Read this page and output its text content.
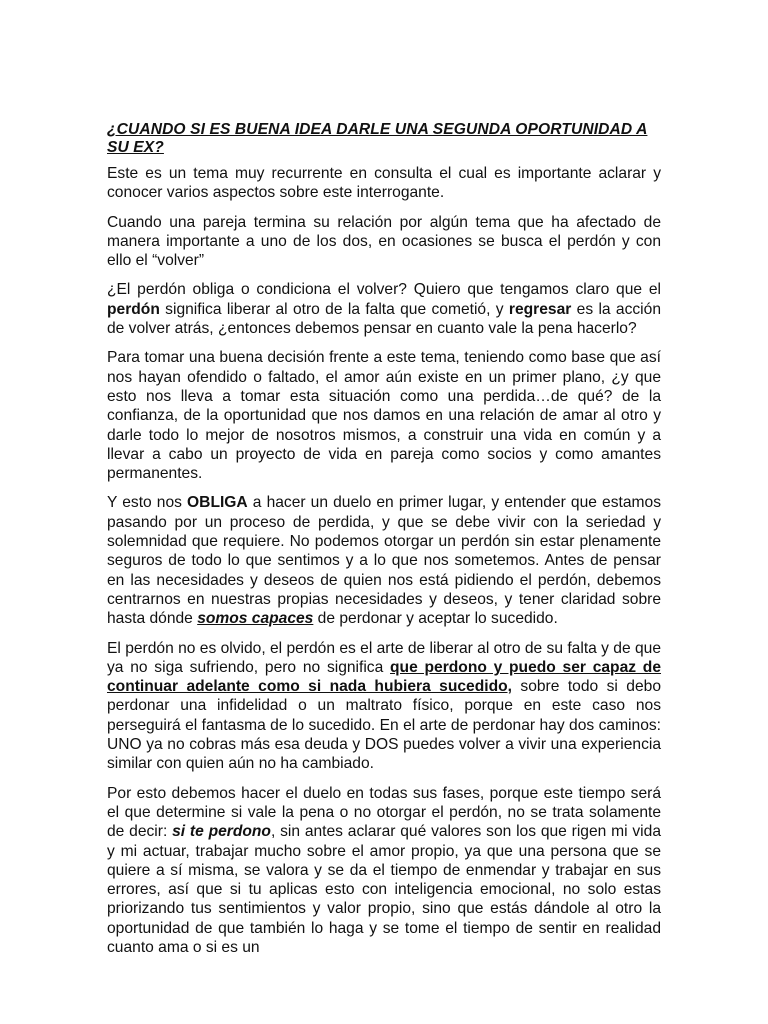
¿CUANDO SI ES BUENA IDEA DARLE UNA SEGUNDA OPORTUNIDAD A SU EX?

Este es un tema muy recurrente en consulta el cual es importante aclarar y conocer varios aspectos sobre este interrogante.

Cuando una pareja termina su relación por algún tema que ha afectado de manera importante a uno de los dos, en ocasiones se busca el perdón y con ello el “volver”

¿El perdón obliga o condiciona el volver? Quiero que tengamos claro que el perdón significa liberar al otro de la falta que cometió, y regresar es la acción de volver atrás, ¿entonces debemos pensar en cuanto vale la pena hacerlo?

Para tomar una buena decisión frente a este tema, teniendo como base que así nos hayan ofendido o faltado, el amor aún existe en un primer plano, ¿y que esto nos lleva a tomar esta situación como una perdida…de qué? de la confianza, de la oportunidad que nos damos en una relación de amar al otro y darle todo lo mejor de nosotros mismos, a construir una vida en común y a llevar a cabo un proyecto de vida en pareja como socios y como amantes permanentes.

Y esto nos OBLIGA a hacer un duelo en primer lugar, y entender que estamos pasando por un proceso de perdida, y que se debe vivir con la seriedad y solemnidad que requiere. No podemos otorgar un perdón sin estar plenamente seguros de todo lo que sentimos y a lo que nos sometemos. Antes de pensar en las necesidades y deseos de quien nos está pidiendo el perdón, debemos centrarnos en nuestras propias necesidades y deseos, y tener claridad sobre hasta dónde somos capaces de perdonar y aceptar lo sucedido.

El perdón no es olvido, el perdón es el arte de liberar al otro de su falta y de que ya no siga sufriendo, pero no significa que perdono y puedo ser capaz de continuar adelante como si nada hubiera sucedido, sobre todo si debo perdonar una infidelidad o un maltrato físico, porque en este caso nos perseguirá el fantasma de lo sucedido. En el arte de perdonar hay dos caminos: UNO ya no cobras más esa deuda y DOS puedes volver a vivir una experiencia similar con quien aún no ha cambiado.

Por esto debemos hacer el duelo en todas sus fases, porque este tiempo será el que determine si vale la pena o no otorgar el perdón, no se trata solamente de decir: si te perdono, sin antes aclarar qué valores son los que rigen mi vida y mi actuar, trabajar mucho sobre el amor propio, ya que una persona que se quiere a sí misma, se valora y se da el tiempo de enmendar y trabajar en sus errores, así que si tu aplicas esto con inteligencia emocional, no solo estas priorizando tus sentimientos y valor propio, sino que estás dándole al otro la oportunidad de que también lo haga y se tome el tiempo de sentir en realidad cuanto ama o si es un
